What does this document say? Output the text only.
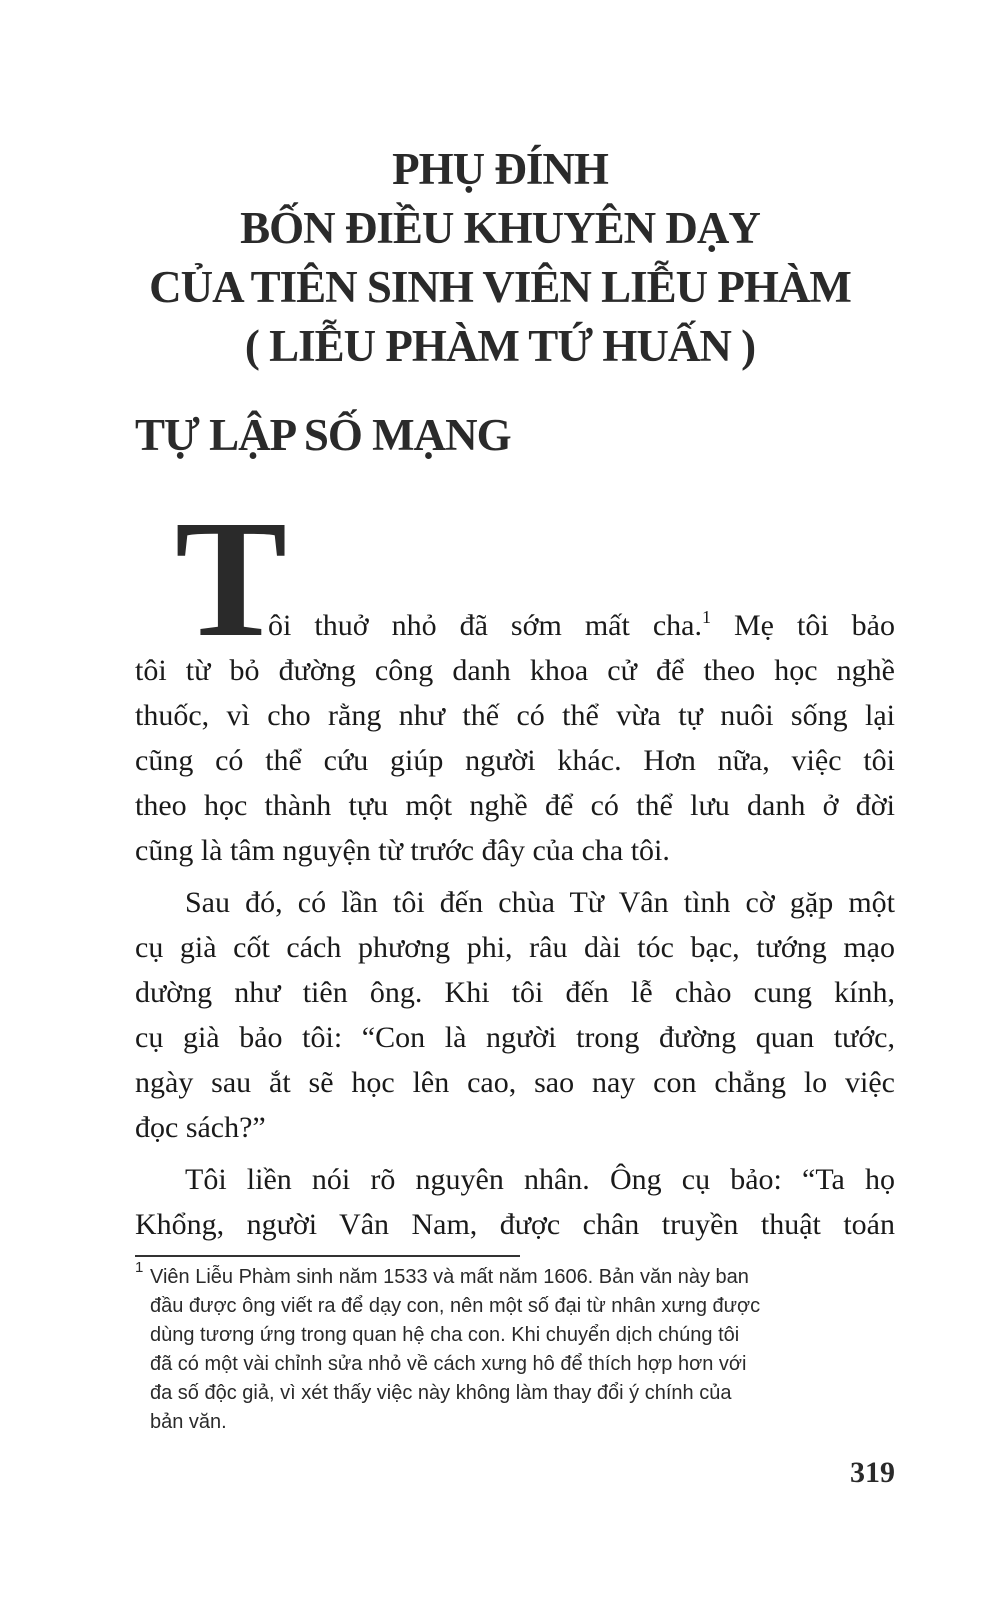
PHỤ ĐÍNH
BỐN ĐIỀU KHUYÊN DẠY
CỦA TIÊN SINH VIÊN LIỄU PHÀM
( LIỄU PHÀM TỨ HUẤN )
TỰ LẬP SỐ MẠNG
T
ôi thuở nhỏ đã sớm mất cha.$^1$ Mẹ tôi bảo
tôi từ bỏ đường công danh khoa cử để theo học nghề
thuốc, vì cho rằng như thế có thể vừa tự nuôi sống lại
cũng có thể cứu giúp người khác. Hơn nữa, việc tôi
theo học thành tựu một nghề để có thể lưu danh ở đời
cũng là tâm nguyện từ trước đây của cha tôi.
Sau đó, có lần tôi đến chùa Từ Vân tình cờ gặp một
cụ già cốt cách phương phi, râu dài tóc bạc, tướng mạo
dường như tiên ông. Khi tôi đến lễ chào cung kính,
cụ già bảo tôi: “Con là người trong đường quan tước,
ngày sau ắt sẽ học lên cao, sao nay con chẳng lo việc
đọc sách?”
Tôi liền nói rõ nguyên nhân. Ông cụ bảo: “Ta họ
Khổng, người Vân Nam, được chân truyền thuật toán
1 Viên Liễu Phàm sinh năm 1533 và mất năm 1606. Bản văn này ban
đầu được ông viết ra để dạy con, nên một số đại từ nhân xưng được
dùng tương ứng trong quan hệ cha con. Khi chuyển dịch chúng tôi
đã có một vài chỉnh sửa nhỏ về cách xưng hô để thích hợp hơn với
đa số độc giả, vì xét thấy việc này không làm thay đổi ý chính của
bản văn.
319
